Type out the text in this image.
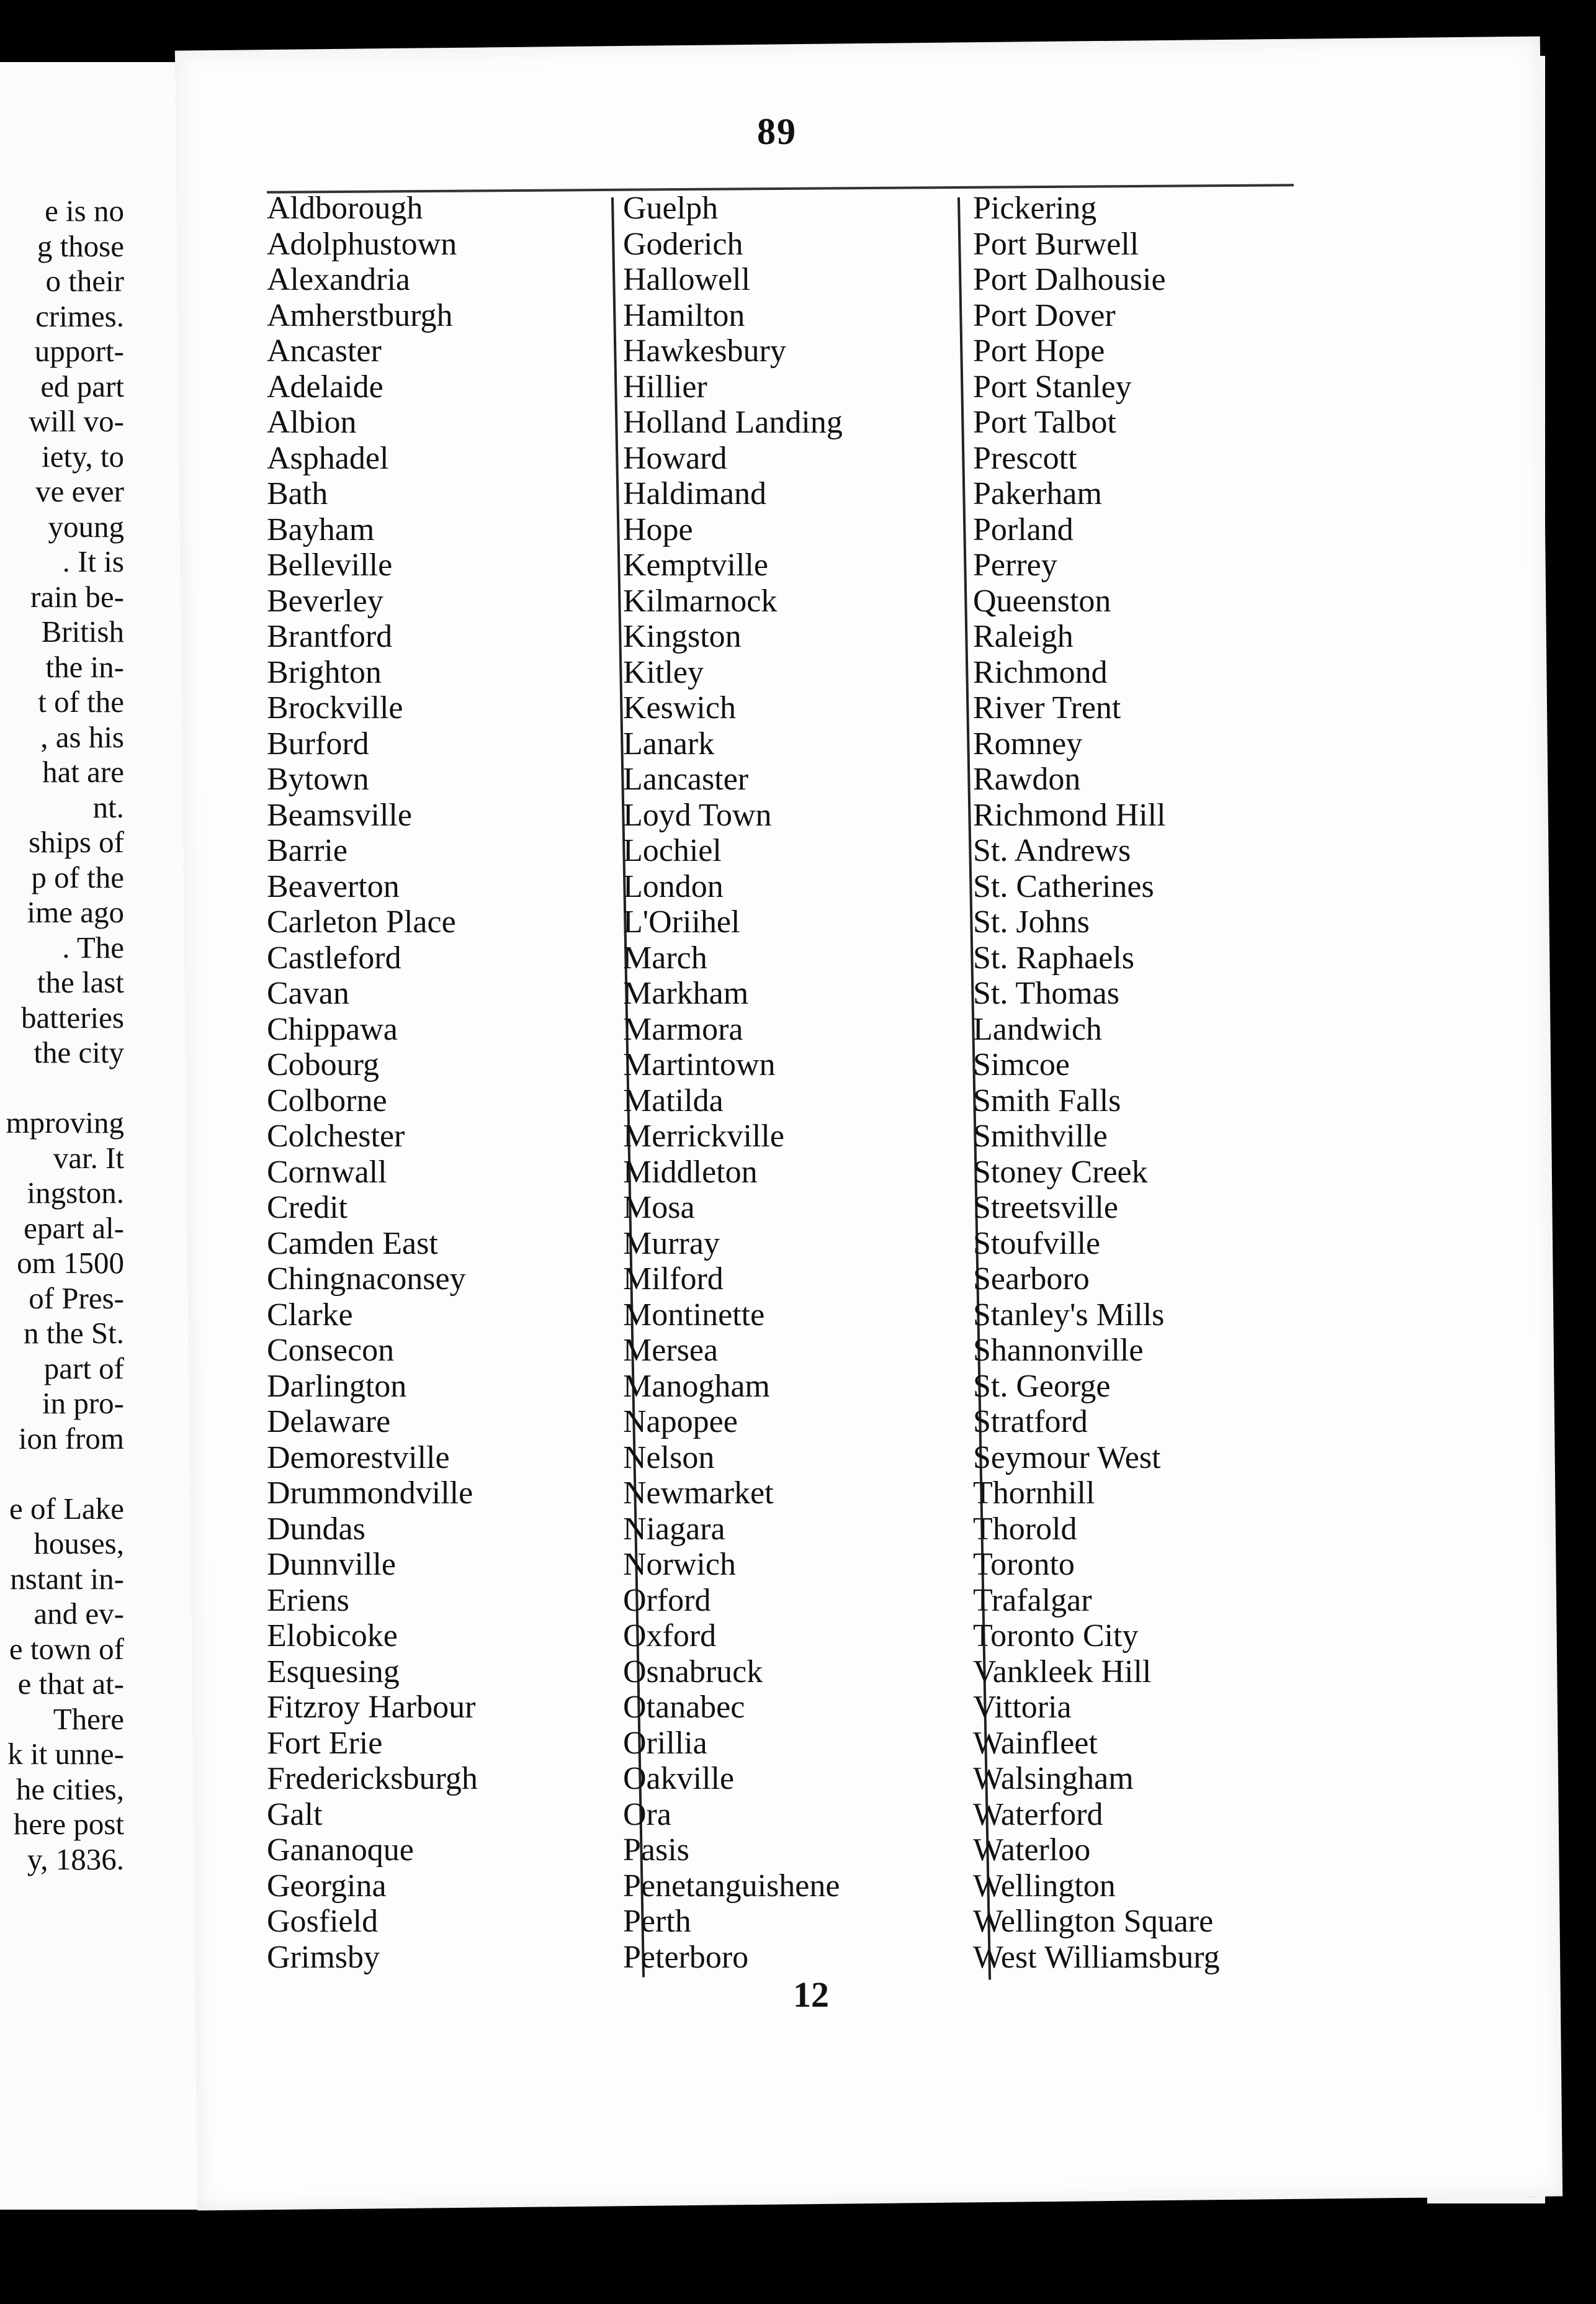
e is no
g those
o their
crimes.
upport-
ed part
will vo-
iety, to
ve ever
young
. It is
rain be-
British
the in-
t of the
, as his
hat are
nt.
ships of
p of the
ime ago
. The
the last
batteries
the city

mproving
var. It
ingston.
epart al-
om 1500
of Pres-
n the St.
part of
in pro-
ion from

e of Lake
houses,
nstant in-
and ev-
e town of
e that at-
There
k it unne-
he cities,
here post
y, 1836.
89
Aldborough
Adolphustown
Alexandria
Amherstburgh
Ancaster
Adelaide
Albion
Asphadel
Bath
Bayham
Belleville
Beverley
Brantford
Brighton
Brockville
Burford
Bytown
Beamsville
Barrie
Beaverton
Carleton Place
Castleford
Cavan
Chippawa
Cobourg
Colborne
Colchester
Cornwall
Credit
Camden East
Chingnaconsey
Clarke
Consecon
Darlington
Delaware
Demorestville
Drummondville
Dundas
Dunnville
Eriens
Elobicoke
Esquesing
Fitzroy Harbour
Fort Erie
Fredericksburgh
Galt
Gananoque
Georgina
Gosfield
Grimsby
Guelph
Goderich
Hallowell
Hamilton
Hawkesbury
Hillier
Holland Landing
Howard
Haldimand
Hope
Kemptville
Kilmarnock
Kingston
Kitley
Keswich
Lanark
Lancaster
Loyd Town
Lochiel
London
L'Oriihel
March
Markham
Marmora
Martintown
Matilda
Merrickville
Middleton
Mosa
Murray
Milford
Montinette
Mersea
Manogham
Napopee
Nelson
Newmarket
Niagara
Norwich
Orford
Oxford
Osnabruck
Otanabec
Orillia
Oakville
Ora
Pasis
Penetanguishene
Perth
Peterboro
Pickering
Port Burwell
Port Dalhousie
Port Dover
Port Hope
Port Stanley
Port Talbot
Prescott
Pakerham
Porland
Perrey
Queenston
Raleigh
Richmond
River Trent
Romney
Rawdon
Richmond Hill
St. Andrews
St. Catherines
St. Johns
St. Raphaels
St. Thomas
Landwich
Simcoe
Smith Falls
Smithville
Stoney Creek
Streetsville
Stoufville
Searboro
Stanley's Mills
Shannonville
St. George
Stratford
Seymour West
Thornhill
Thorold
Toronto
Trafalgar
Toronto City
Vankleek Hill
Vittoria
Wainfleet
Walsingham
Waterford
Waterloo
Wellington
Wellington Square
West Williamsburg
12
